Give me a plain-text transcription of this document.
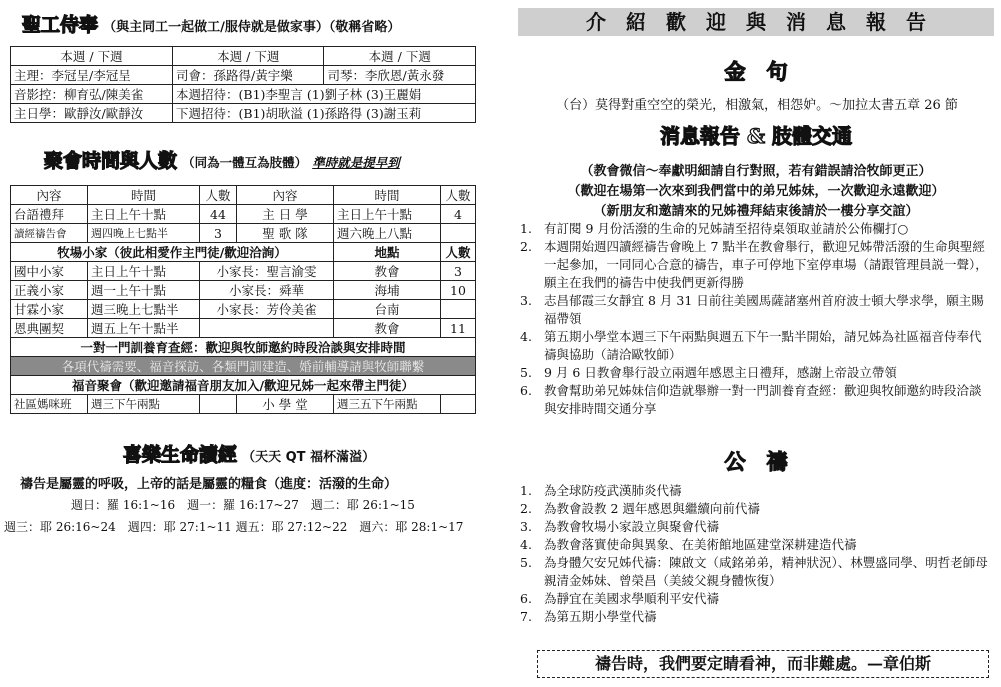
聖工侍奉 （與主同工一起做工/服侍就是做家事）（敬稱省略）
本週 / 下週	本週 / 下週	本週 / 下週
主理：李冠呈/李冠呈	司會：孫路得/黃宇樂	司琴：李欣恩/黃永發
音影控：柳育弘/陳美雀	本週招待：(B1)李聖言 (1)劉子林 (3)王麗娟	
主日學：歐靜汝/歐靜汝	下週招待：(B1)胡耿溢 (1)孫路得 (3)謝玉莉	
聚會時間與人數 （同為一體互為肢體） 準時就是提早到
內容	時間	人數	內容	時間	人數
台語禮拜	主日上午十點	44	主 日 學	主日上午十點	4
讀經禱告會	週四晚上七點半	3	聖 歌 隊	週六晚上八點	
牧場小家（彼此相愛作主門徒/歡迎洽詢）				地點	人數
國中小家	主日上午十點	小家長：聖言渝雯		教會	3
正義小家	週一上午十點	小家長：舜華		海埔	10
甘霖小家	週三晚上七點半	小家長：芳伶美雀		台南	
恩典團契	週五上午十點半			教會	11
一對一門訓養育查經：歡迎與牧師邀約時段洽談與安排時間					
各項代禱需要、福音探訪、各類門訓建造、婚前輔導請與牧師聯繫					
福音聚會（歡迎邀請福音朋友加入/歡迎兄姊一起來帶主門徒）					
社區媽咪班	週三下午兩點		小 學 堂	週三五下午兩點	
喜樂生命讀經 （天天 QT 福杯滿溢）
禱告是屬靈的呼吸，上帝的話是屬靈的糧食（進度：活潑的生命）
週日：羅 16:1~16　週一：羅 16:17~27　週二：耶 26:1~15
週三：耶 26:16~24　週四：耶 27:1~11 週五：耶 27:12~22　週六：耶 28:1~17
介　紹　歡　迎　與　消　息　報　告
金　句
（台）莫得對重空空的榮光，相激氣，相怨妒。～加拉太書五章 26 節
消息報告 & 肢體交通
（教會微信～奉獻明細請自行對照，若有錯誤請洽牧師更正）
（歡迎在場第一次來到我們當中的弟兄姊妹，一次歡迎永遠歡迎）
（新朋友和邀請來的兄姊禮拜結束後請於一樓分享交誼）
1. 有訂閱 9 月份活潑的生命的兄姊請至招待桌領取並請於公佈欄打○
2. 本週開始週四讀經禱告會晚上 7 點半在教會舉行，歡迎兄姊帶活潑的生命與聖經一起參加，一同同心合意的禱告，車子可停地下室停車場（請跟管理員説一聲），願主在我們的禱告中使我們更新得勝
3. 志昌郁霞三女靜宜 8 月 31 日前往美國馬薩諸塞州首府波士頓大學求學，願主賜福帶領
4. 第五期小學堂本週三下午兩點與週五下午一點半開始，請兄姊為社區福音侍奉代禱與協助（請洽歐牧師）
5. 9 月 6 日教會舉行設立兩週年感恩主日禮拜，感謝上帝設立帶領
6. 教會幫助弟兄姊妹信仰造就舉辦一對一門訓養育查經：歡迎與牧師邀約時段洽談與安排時間交通分享
公　禱
1. 為全球防疫武漢肺炎代禱
2. 為教會設教 2 週年感恩與繼續向前代禱
3. 為教會牧場小家設立與聚會代禱
4. 為教會落實使命與異象、在美術館地區建堂深耕建造代禱
5. 為身體欠安兄姊代禱：陳啟文（咸銘弟弟，精神狀況）、林豐盛同學、明哲老師母親清金姊妹、曾榮昌（美綾父親身體恢復）
6. 為靜宜在美國求學順利平安代禱
7. 為第五期小學堂代禱
禱告時，我們要定睛看神，而非難處。—章伯斯
